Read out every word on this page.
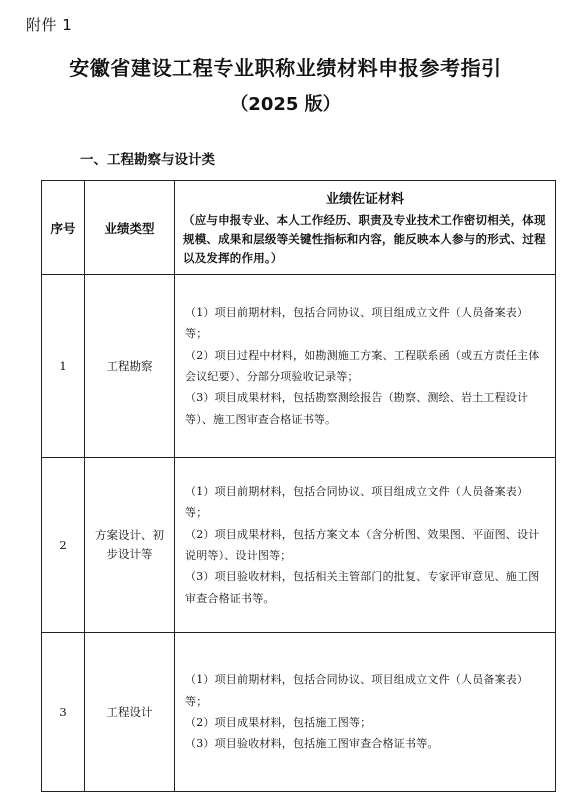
附件 1
安徽省建设工程专业职称业绩材料申报参考指引
（2025 版）
一、工程勘察与设计类
序号	业绩类型	业绩佐证材料
（应与申报专业、本人工作经历、职责及专业技术工作密切相关，体现规模、成果和层级等关键性指标和内容，能反映本人参与的形式、过程以及发挥的作用。）

1	工程勘察	（1）项目前期材料，包括合同协议、项目组成立文件（人员备案表）等；
（2）项目过程中材料，如勘测施工方案、工程联系函（或五方责任主体会议纪要）、分部分项验收记录等；
（3）项目成果材料，包括勘察测绘报告（勘察、测绘、岩土工程设计等）、施工图审查合格证书等。

2	方案设计、初步设计等	（1）项目前期材料，包括合同协议、项目组成立文件（人员备案表）等；
（2）项目成果材料，包括方案文本（含分析图、效果图、平面图、设计说明等）、设计图等；
（3）项目验收材料，包括相关主管部门的批复、专家评审意见、施工图审查合格证书等。

3	工程设计	（1）项目前期材料，包括合同协议、项目组成立文件（人员备案表）等；
（2）项目成果材料，包括施工图等；
（3）项目验收材料，包括施工图审查合格证书等。
